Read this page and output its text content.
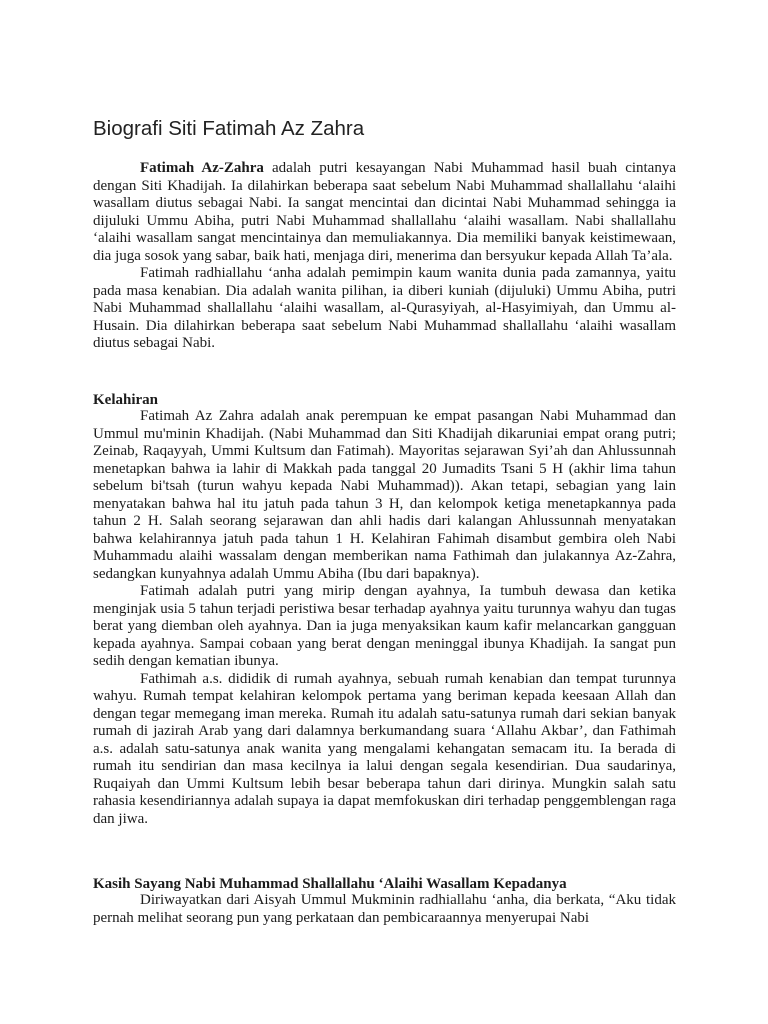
Biografi Siti Fatimah Az Zahra

Fatimah Az-Zahra adalah putri kesayangan Nabi Muhammad hasil buah cintanya dengan Siti Khadijah. Ia dilahirkan beberapa saat sebelum Nabi Muhammad shallallahu ‘alaihi wasallam diutus sebagai Nabi. Ia sangat mencintai dan dicintai Nabi Muhammad sehingga ia dijuluki Ummu Abiha, putri Nabi Muhammad shallallahu ‘alaihi wasallam. Nabi shallallahu ‘alaihi wasallam sangat mencintainya dan memuliakannya. Dia memiliki banyak keistimewaan, dia juga sosok yang sabar, baik hati, menjaga diri, menerima dan bersyukur kepada Allah Ta’ala.

Fatimah radhiallahu ‘anha adalah pemimpin kaum wanita dunia pada zamannya, yaitu pada masa kenabian. Dia adalah wanita pilihan, ia diberi kuniah (dijuluki) Ummu Abiha, putri Nabi Muhammad shallallahu ‘alaihi wasallam, al-Qurasyiyah, al-Hasyimiyah, dan Ummu al-Husain. Dia dilahirkan beberapa saat sebelum Nabi Muhammad shallallahu ‘alaihi wasallam diutus sebagai Nabi.

Kelahiran

Fatimah Az Zahra adalah anak perempuan ke empat pasangan Nabi Muhammad dan Ummul mu'minin Khadijah. (Nabi Muhammad dan Siti Khadijah dikaruniai empat orang putri; Zeinab, Raqayyah, Ummi Kultsum dan Fatimah). Mayoritas sejarawan Syi’ah dan Ahlussunnah menetapkan bahwa ia lahir di Makkah pada tanggal 20 Jumadits Tsani 5 H (akhir lima tahun sebelum bi'tsah (turun wahyu kepada Nabi Muhammad)). Akan tetapi, sebagian yang lain menyatakan bahwa hal itu jatuh pada tahun 3 H, dan kelompok ketiga menetapkannya pada tahun 2 H. Salah seorang sejarawan dan ahli hadis dari kalangan Ahlussunnah menyatakan bahwa kelahirannya jatuh pada tahun 1 H. Kelahiran Fahimah disambut gembira oleh Nabi Muhammadu alaihi wassalam dengan memberikan nama Fathimah dan julakannya Az-Zahra, sedangkan kunyahnya adalah Ummu Abiha (Ibu dari bapaknya).

Fatimah adalah putri yang mirip dengan ayahnya, Ia tumbuh dewasa dan ketika menginjak usia 5 tahun terjadi peristiwa besar terhadap ayahnya yaitu turunnya wahyu dan tugas berat yang diemban oleh ayahnya. Dan ia juga menyaksikan kaum kafir melancarkan gangguan kepada ayahnya. Sampai cobaan yang berat dengan meninggal ibunya Khadijah. Ia sangat pun sedih dengan kematian ibunya.

Fathimah a.s. dididik di rumah ayahnya, sebuah rumah kenabian dan tempat turunnya wahyu. Rumah tempat kelahiran kelompok pertama yang beriman kepada keesaan Allah dan dengan tegar memegang iman mereka. Rumah itu adalah satu-satunya rumah dari sekian banyak rumah di jazirah Arab yang dari dalamnya berkumandang suara ‘Allahu Akbar’, dan Fathimah a.s. adalah satu-satunya anak wanita yang mengalami kehangatan semacam itu. Ia berada di rumah itu sendirian dan masa kecilnya ia lalui dengan segala kesendirian. Dua saudarinya, Ruqaiyah dan Ummi Kultsum lebih besar beberapa tahun dari dirinya. Mungkin salah satu rahasia kesendiriannya adalah supaya ia dapat memfokuskan diri terhadap penggemblengan raga dan jiwa.

Kasih Sayang Nabi Muhammad Shallallahu ‘Alaihi Wasallam Kepadanya

Diriwayatkan dari Aisyah Ummul Mukminin radhiallahu ‘anha, dia berkata, “Aku tidak pernah melihat seorang pun yang perkataan dan pembicaraannya menyerupai Nabi
